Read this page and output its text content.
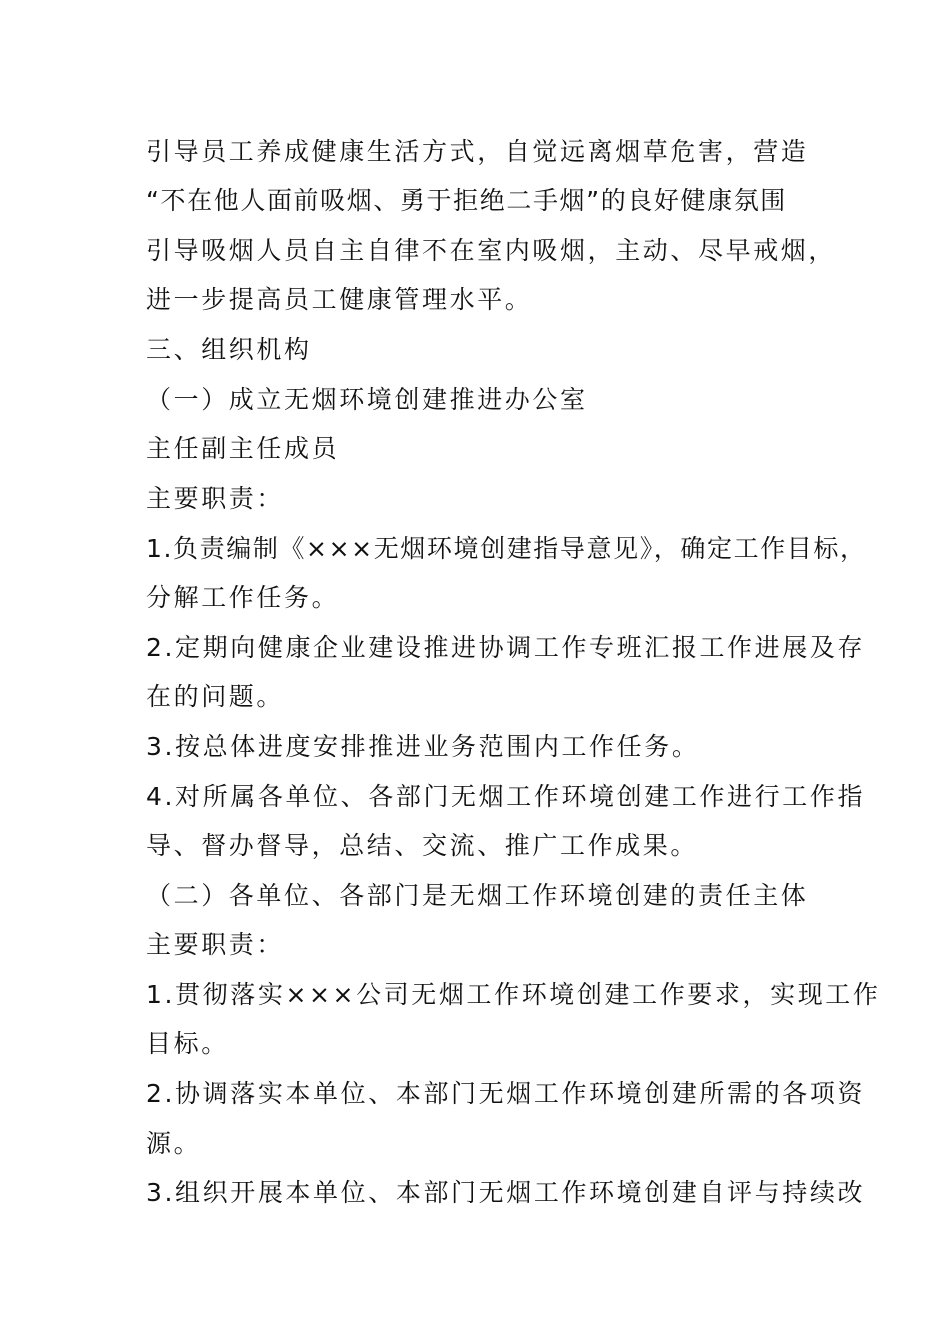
引导员工养成健康生活方式，自觉远离烟草危害，营造
“不在他人面前吸烟、勇于拒绝二手烟”的良好健康氛围
引导吸烟人员自主自律不在室内吸烟，主动、尽早戒烟，
进一步提高员工健康管理水平。
三、组织机构
（一）成立无烟环境创建推进办公室
主任副主任成员
主要职责：
1.负责编制《×××无烟环境创建指导意见》，确定工作目标，
分解工作任务。
2.定期向健康企业建设推进协调工作专班汇报工作进展及存
在的问题。
3.按总体进度安排推进业务范围内工作任务。
4.对所属各单位、各部门无烟工作环境创建工作进行工作指
导、督办督导，总结、交流、推广工作成果。
（二）各单位、各部门是无烟工作环境创建的责任主体
主要职责：
1.贯彻落实×××公司无烟工作环境创建工作要求，实现工作
目标。
2.协调落实本单位、本部门无烟工作环境创建所需的各项资
源。
3.组织开展本单位、本部门无烟工作环境创建自评与持续改
